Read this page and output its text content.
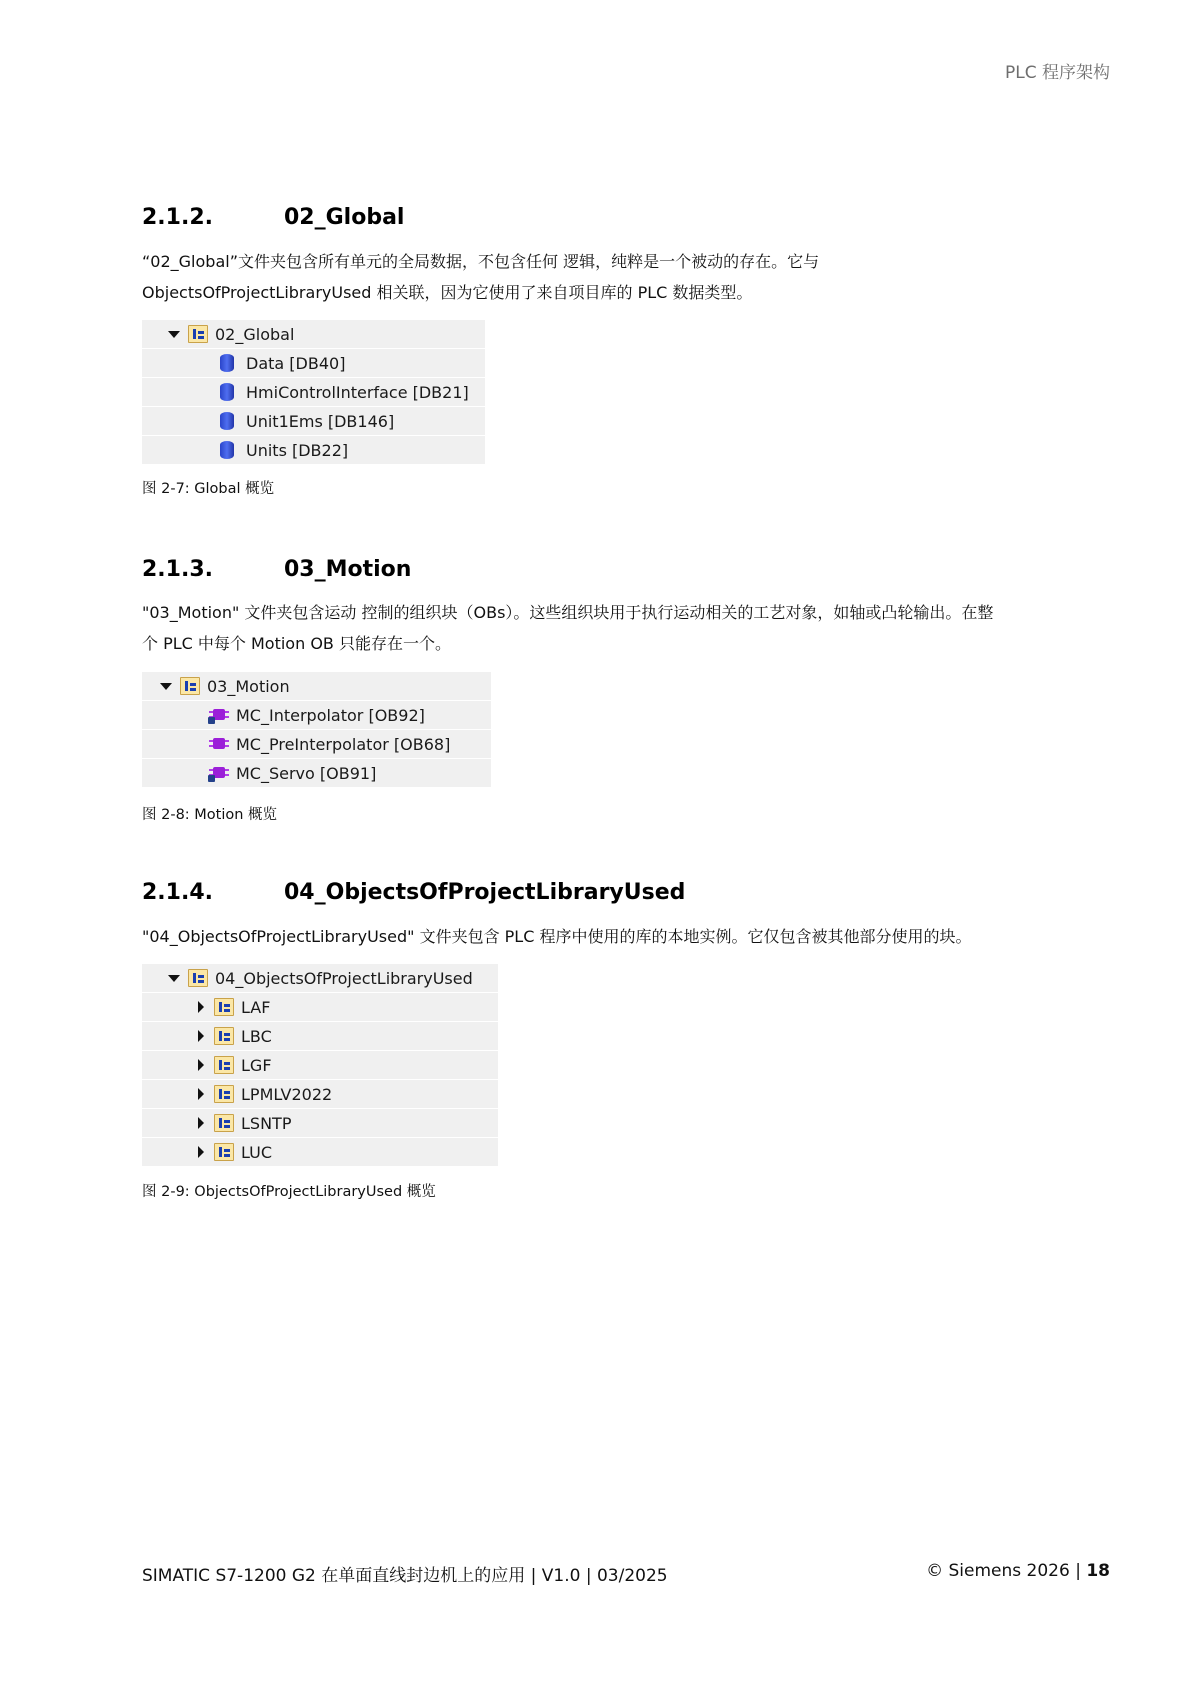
PLC 程序架构
2.1.2.	02_Global
“02_Global”文件夹包含所有单元的全局数据，不包含任何 逻辑，纯粹是一个被动的存在。它与
ObjectsOfProjectLibraryUsed 相关联，因为它使用了来自项目库的 PLC 数据类型。
02_Global
Data [DB40]
HmiControlInterface [DB21]
Unit1Ems [DB146]
Units [DB22]
图 2-7: Global 概览
2.1.3.	03_Motion
"03_Motion" 文件夹包含运动 控制的组织块（OBs）。这些组织块用于执行运动相关的工艺对象，如轴或凸轮输出。在整
个 PLC 中每个 Motion OB 只能存在一个。
03_Motion
MC_Interpolator [OB92]
MC_PreInterpolator [OB68]
MC_Servo [OB91]
图 2-8: Motion 概览
2.1.4.	04_ObjectsOfProjectLibraryUsed
"04_ObjectsOfProjectLibraryUsed" 文件夹包含 PLC 程序中使用的库的本地实例。它仅包含被其他部分使用的块。
04_ObjectsOfProjectLibraryUsed
LAF
LBC
LGF
LPMLV2022
LSNTP
LUC
图 2-9: ObjectsOfProjectLibraryUsed 概览
SIMATIC S7-1200 G2 在单面直线封边机上的应用 | V1.0 | 03/2025	© Siemens 2026 | 18
